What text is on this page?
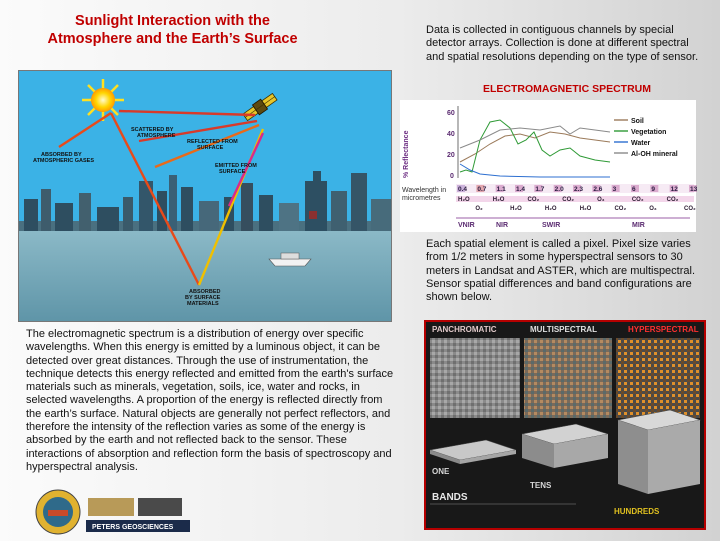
Sunlight Interaction with the
Atmosphere and the Earth’s Surface
SCATTERED BY ATMOSPHERE
REFLECTED FROM SURFACE
ABSORBED BY ATMOSPHERIC GASES
EMITTED FROM SURFACE
ABSORBED BY SURFACE MATERIALS
Data is collected in contiguous channels by special detector arrays. Collection is done at different spectral and spatial resolutions depending on the type of sensor.
ELECTROMAGNETIC SPECTRUM
% Reflectance
60
40
20
0
Soil
Vegetation
Water
Al-OH mineral
Wavelength in
micrometres
0.4 0.7 1.1 1.4 1.7 2.0 2.3 2.6 3 6 9 12 13
H₂O
O₂
H₂O
H₂O
CO₂
H₂O
CO₂
H₂O
O₃
CO₂
CO₂
O₃
CO₂
CO₂
VNIR	NIR	SWIR	MIR
Each spatial element is called a pixel. Pixel size varies from 1/2 meters in some hyperspectral sensors to 30 meters in Landsat and ASTER, which are multispectral. Sensor spatial differences and band configurations are shown below.
The electromagnetic spectrum is a distribution of energy over specific wavelengths. When this energy is emitted by a luminous object, it can be detected over great distances. Through the use of instrumentation, the technique detects this energy reflected and emitted from the earth's surface materials such as minerals, vegetation, soils, ice, water and rocks, in selected wavelengths. A proportion of the energy is reflected directly from the earth’s surface. Natural objects are generally not perfect reflectors, and therefore the intensity of the reflection varies as some of the energy is absorbed by the earth and not reflected back to the sensor. These interactions of absorption and reflection form the basis of spectroscopy and hyperspectral analysis.
PANCHROMATIC	MULTISPECTRAL	HYPERSPECTRAL
ONE
TENS
HUNDREDS
BANDS
PETERS GEOSCIENCES
